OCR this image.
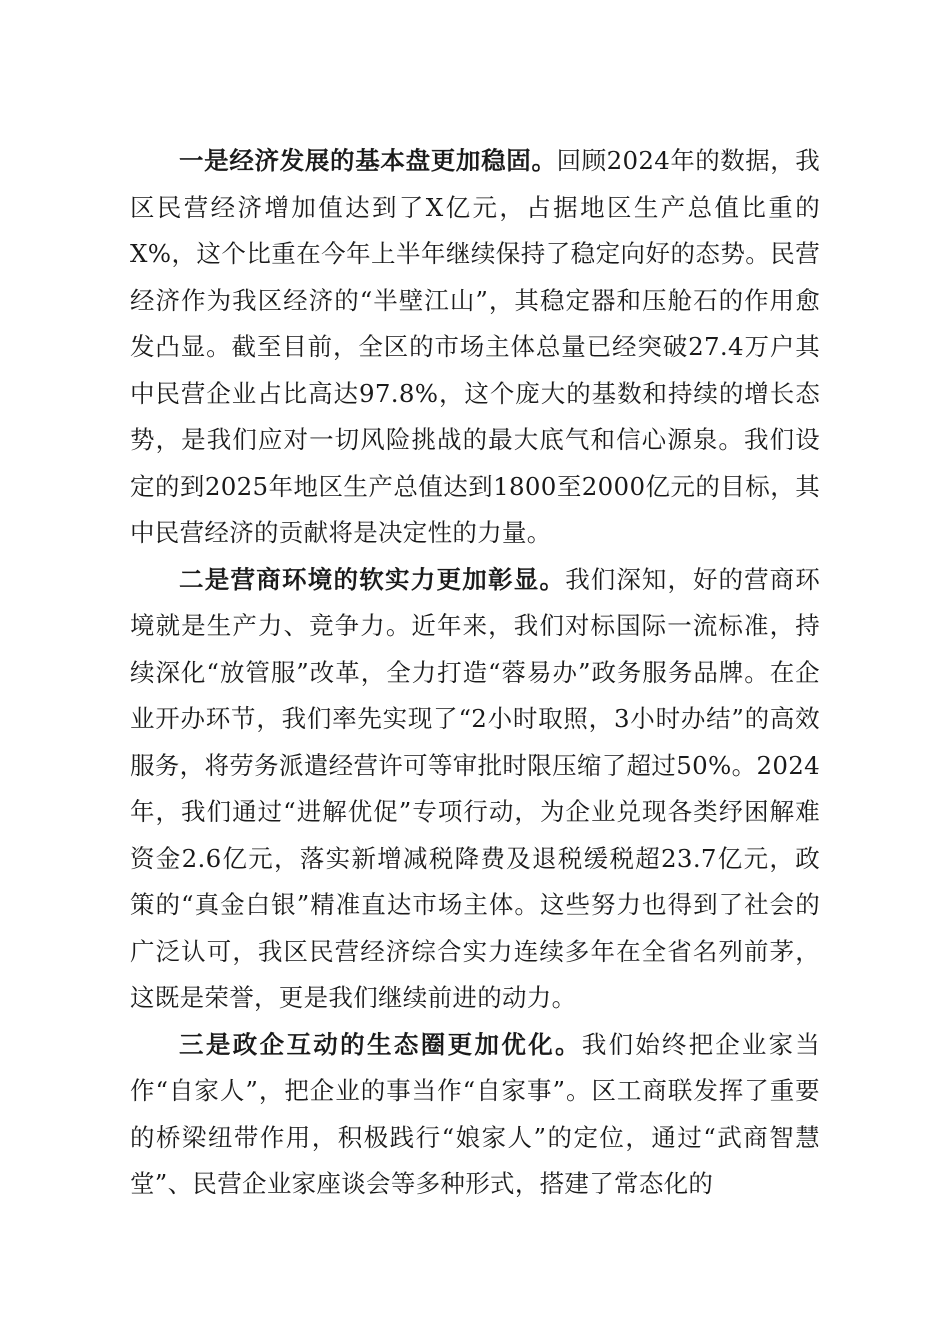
一是经济发展的基本盘更加稳固。回顾2024年的数据，我区民营经济增加值达到了X亿元，占据地区生产总值比重的X%，这个比重在今年上半年继续保持了稳定向好的态势。民营经济作为我区经济的“半壁江山”，其稳定器和压舱石的作用愈发凸显。截至目前，全区的市场主体总量已经突破27.4万户其中民营企业占比高达97.8%，这个庞大的基数和持续的增长态势，是我们应对一切风险挑战的最大底气和信心源泉。我们设定的到2025年地区生产总值达到1800至2000亿元的目标，其中民营经济的贡献将是决定性的力量。

二是营商环境的软实力更加彰显。我们深知，好的营商环境就是生产力、竞争力。近年来，我们对标国际一流标准，持续深化“放管服”改革，全力打造“蓉易办”政务服务品牌。在企业开办环节，我们率先实现了“2小时取照，3小时办结”的高效服务，将劳务派遣经营许可等审批时限压缩了超过50%。2024年，我们通过“进解优促”专项行动，为企业兑现各类纾困解难资金2.6亿元，落实新增减税降费及退税缓税超23.7亿元，政策的“真金白银”精准直达市场主体。这些努力也得到了社会的广泛认可，我区民营经济综合实力连续多年在全省名列前茅，这既是荣誉，更是我们继续前进的动力。

三是政企互动的生态圈更加优化。我们始终把企业家当作“自家人”，把企业的事当作“自家事”。区工商联发挥了重要的桥梁纽带作用，积极践行“娘家人”的定位，通过“武商智慧堂”、民营企业家座谈会等多种形式，搭建了常态化的
